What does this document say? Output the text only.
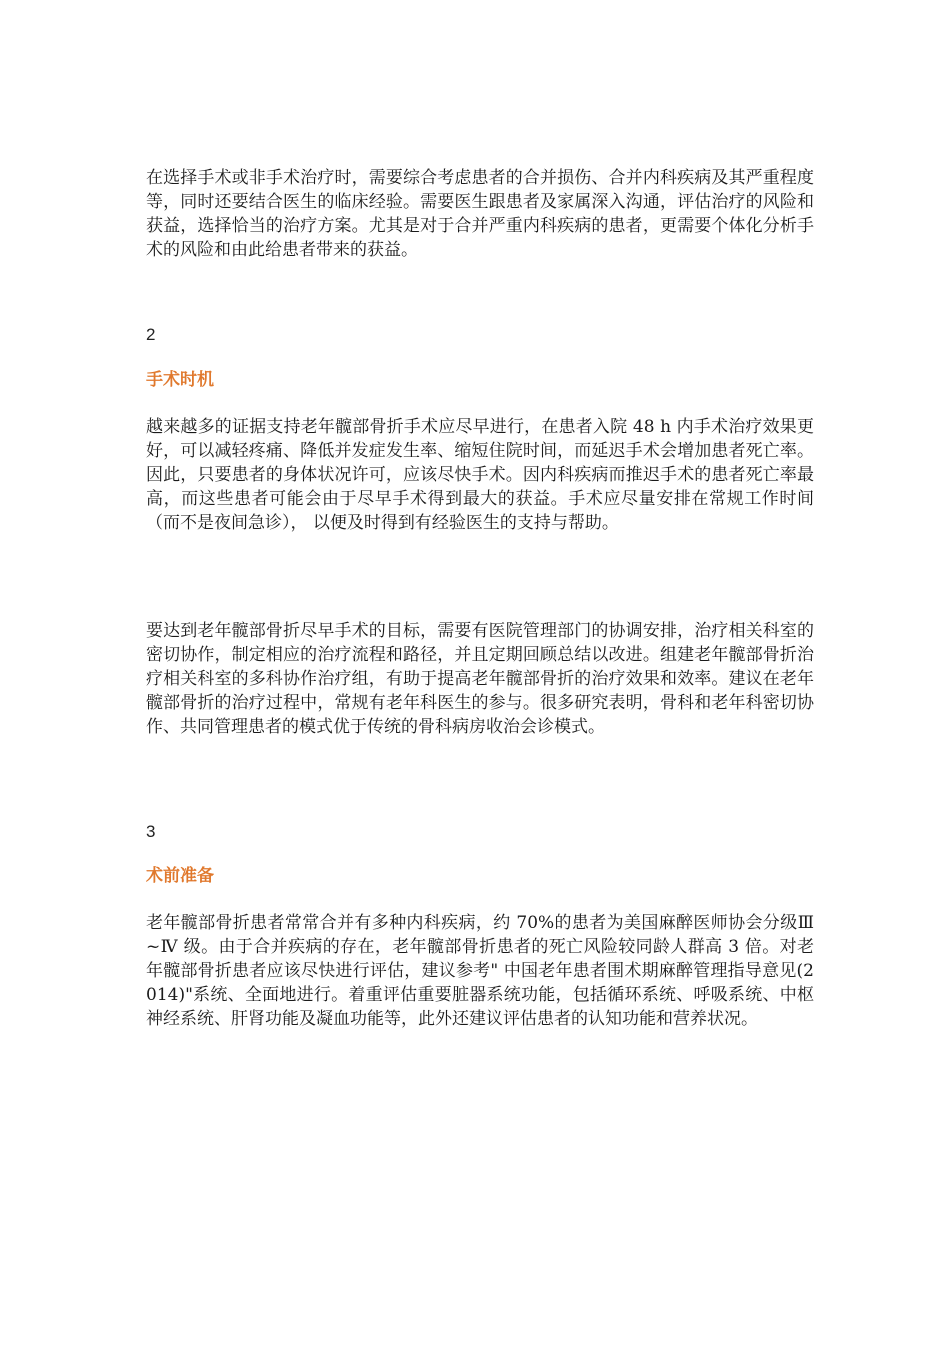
在选择手术或非手术治疗时，需要综合考虑患者的合并损伤、合并内科疾病及其严重程度等，同时还要结合医生的临床经验。需要医生跟患者及家属深入沟通，评估治疗的风险和获益，选择恰当的治疗方案。尤其是对于合并严重内科疾病的患者，更需要个体化分析手术的风险和由此给患者带来的获益。

2

手术时机

越来越多的证据支持老年髋部骨折手术应尽早进行，在患者入院 48 h 内手术治疗效果更好，可以减轻疼痛、降低并发症发生率、缩短住院时间，而延迟手术会增加患者死亡率。因此，只要患者的身体状况许可，应该尽快手术。因内科疾病而推迟手术的患者死亡率最高，而这些患者可能会由于尽早手术得到最大的获益。手术应尽量安排在常规工作时间（而不是夜间急诊）， 以便及时得到有经验医生的支持与帮助。

要达到老年髋部骨折尽早手术的目标，需要有医院管理部门的协调安排，治疗相关科室的密切协作，制定相应的治疗流程和路径，并且定期回顾总结以改进。组建老年髋部骨折治疗相关科室的多科协作治疗组，有助于提高老年髋部骨折的治疗效果和效率。建议在老年髋部骨折的治疗过程中，常规有老年科医生的参与。很多研究表明，骨科和老年科密切协作、共同管理患者的模式优于传统的骨科病房收治会诊模式。

3

术前准备

老年髋部骨折患者常常合并有多种内科疾病，约 70%的患者为美国麻醉医师协会分级Ⅲ~Ⅳ 级。由于合并疾病的存在，老年髋部骨折患者的死亡风险较同龄人群高 3 倍。对老年髋部骨折患者应该尽快进行评估，建议参考" 中国老年患者围术期麻醉管理指导意见(2014)"系统、全面地进行。着重评估重要脏器系统功能，包括循环系统、呼吸系统、中枢神经系统、肝肾功能及凝血功能等，此外还建议评估患者的认知功能和营养状况。
